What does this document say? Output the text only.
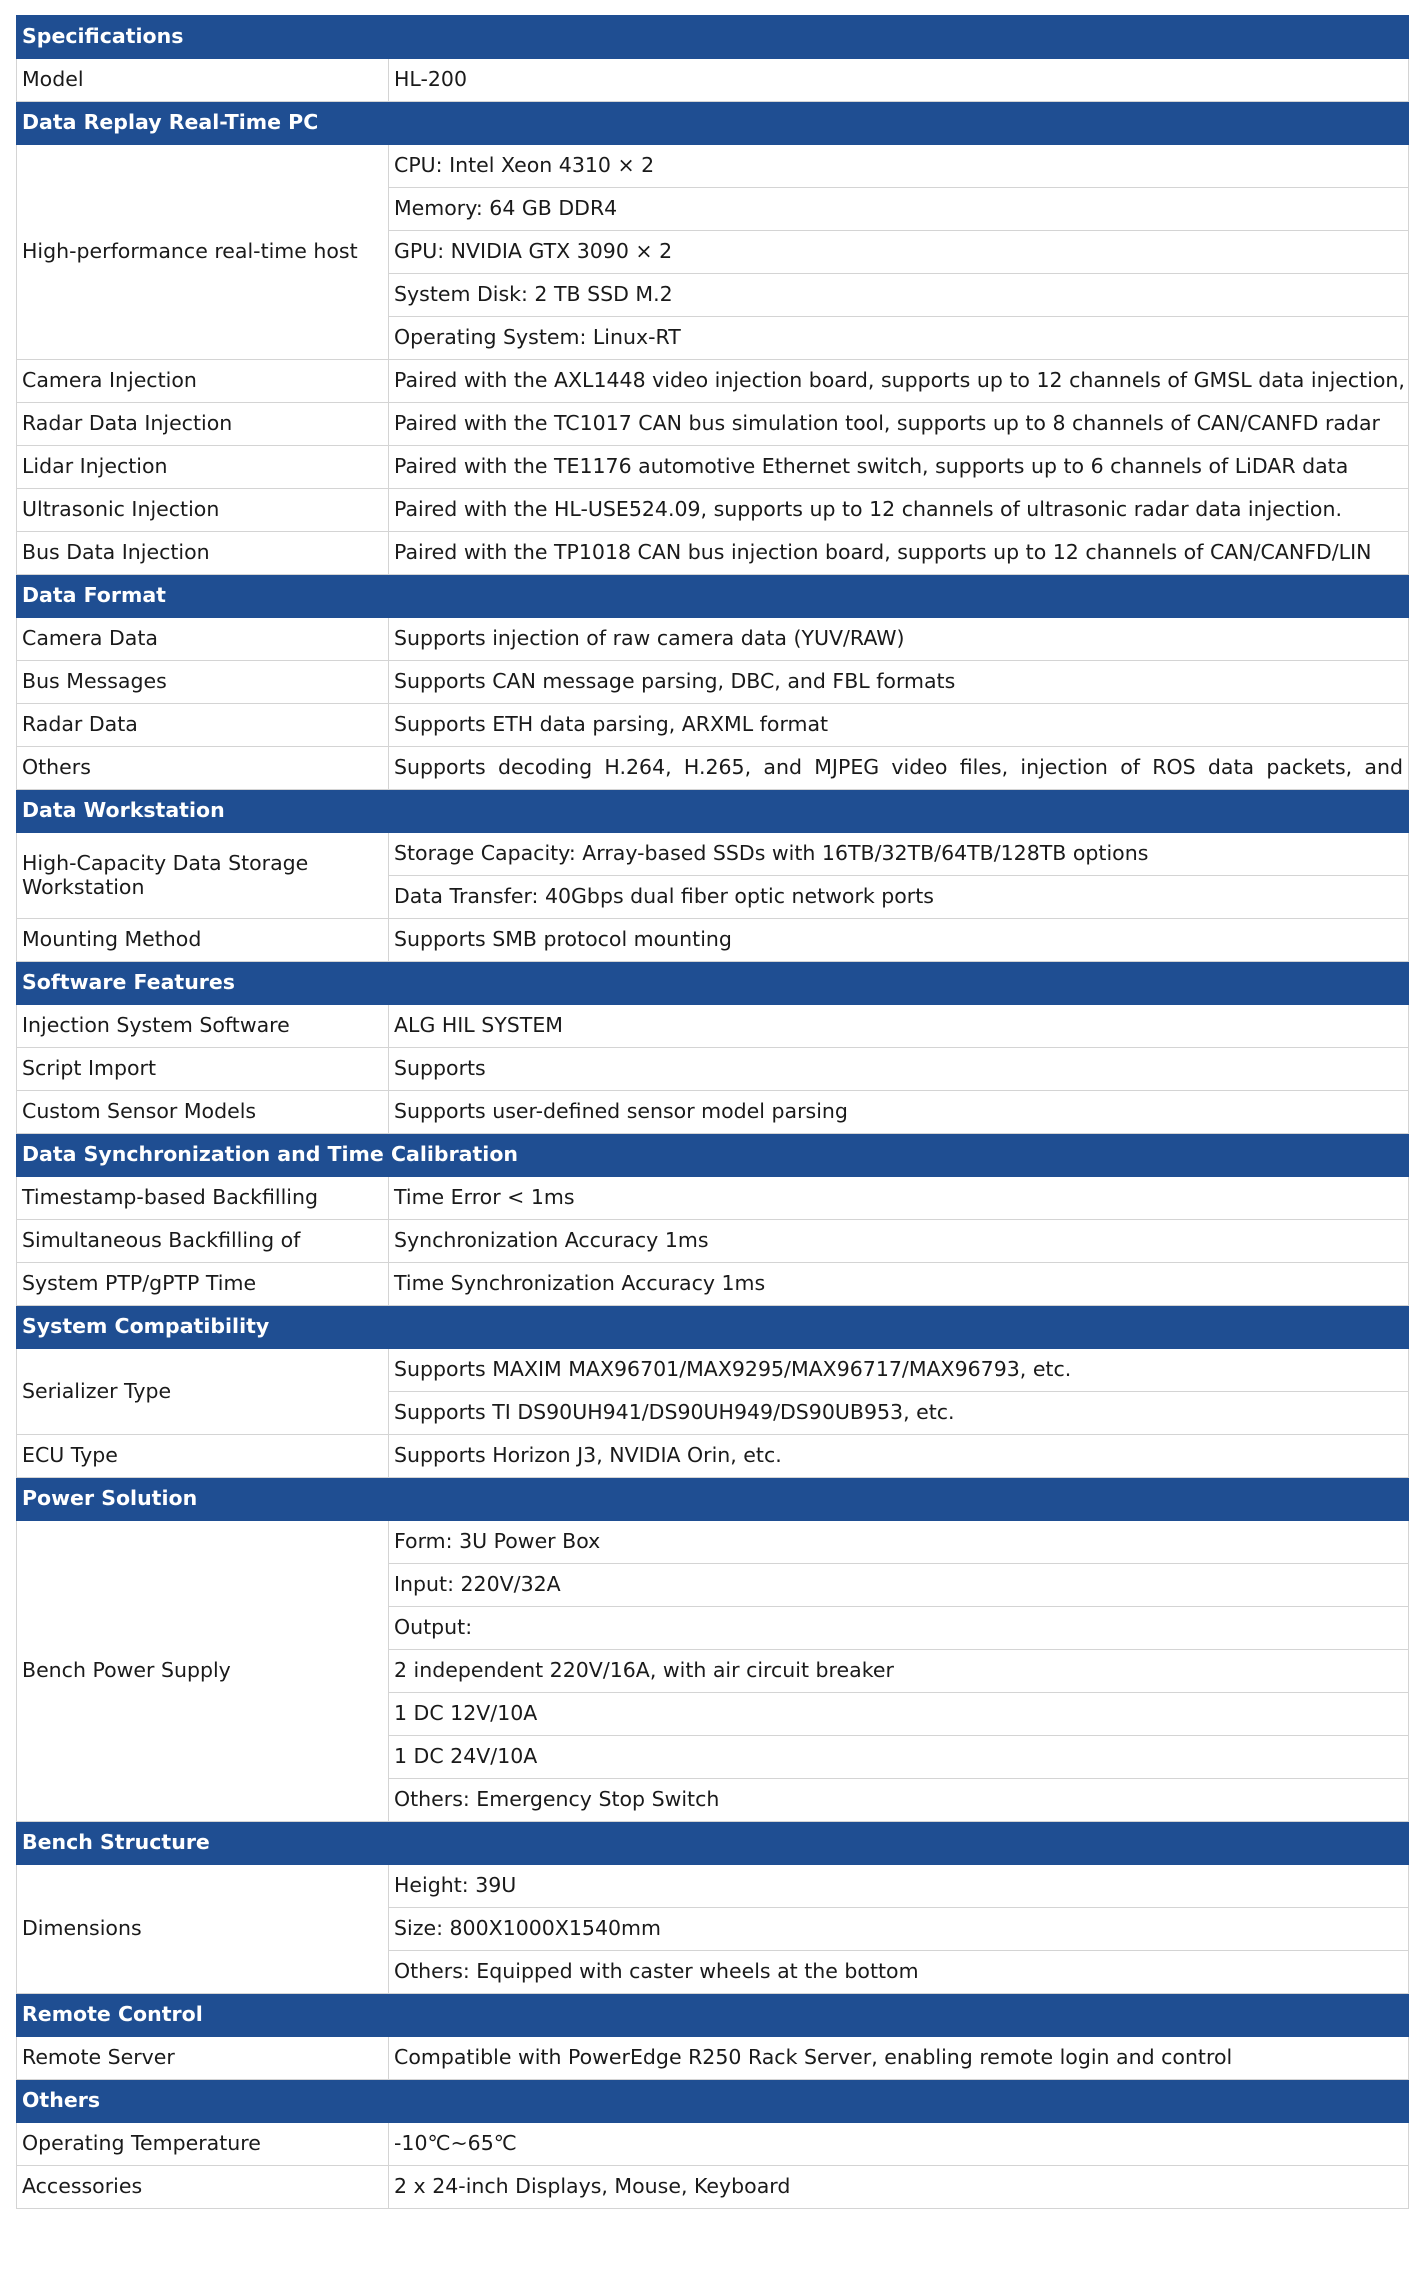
Specifications	
Model	HL-200
Data Replay Real-Time PC	
High-performance real-time host	CPU: Intel Xeon 4310 × 2
	Memory: 64 GB DDR4
	GPU: NVIDIA GTX 3090 × 2
	System Disk: 2 TB SSD M.2
	Operating System: Linux-RT
Camera Injection	Paired with the AXL1448 video injection board, supports up to 12 channels of GMSL data injection,
Radar Data Injection	Paired with the TC1017 CAN bus simulation tool, supports up to 8 channels of CAN/CANFD radar
Lidar Injection	Paired with the TE1176 automotive Ethernet switch, supports up to 6 channels of LiDAR data
Ultrasonic Injection	Paired with the HL-USE524.09, supports up to 12 channels of ultrasonic radar data injection.
Bus Data Injection	Paired with the TP1018 CAN bus injection board, supports up to 12 channels of CAN/CANFD/LIN
Data Format	
Camera Data	Supports injection of raw camera data (YUV/RAW)
Bus Messages	Supports CAN message parsing, DBC, and FBL formats
Radar Data	Supports ETH data parsing, ARXML format
Others	Supports decoding H.264, H.265, and MJPEG video files, injection of ROS data packets, and
Data Workstation	
High-Capacity Data Storage Workstation	Storage Capacity: Array-based SSDs with 16TB/32TB/64TB/128TB options
	Data Transfer: 40Gbps dual fiber optic network ports
Mounting Method	Supports SMB protocol mounting
Software Features	
Injection System Software	ALG HIL SYSTEM
Script Import	Supports
Custom Sensor Models	Supports user-defined sensor model parsing
Data Synchronization and Time Calibration	
Timestamp-based Backfilling	Time Error < 1ms
Simultaneous Backfilling of	Synchronization Accuracy 1ms
System PTP/gPTP Time	Time Synchronization Accuracy 1ms
System Compatibility	
Serializer Type	Supports MAXIM MAX96701/MAX9295/MAX96717/MAX96793, etc.
	Supports TI DS90UH941/DS90UH949/DS90UB953, etc.
ECU Type	Supports Horizon J3, NVIDIA Orin, etc.
Power Solution	
Bench Power Supply	Form: 3U Power Box
	Input: 220V/32A
	Output:
	2 independent 220V/16A, with air circuit breaker
	1 DC 12V/10A
	1 DC 24V/10A
	Others: Emergency Stop Switch
Bench Structure	
Dimensions	Height: 39U
	Size: 800X1000X1540mm
	Others: Equipped with caster wheels at the bottom
Remote Control	
Remote Server	Compatible with PowerEdge R250 Rack Server, enabling remote login and control
Others	
Operating Temperature	-10℃~65℃
Accessories	2 x 24-inch Displays, Mouse, Keyboard
